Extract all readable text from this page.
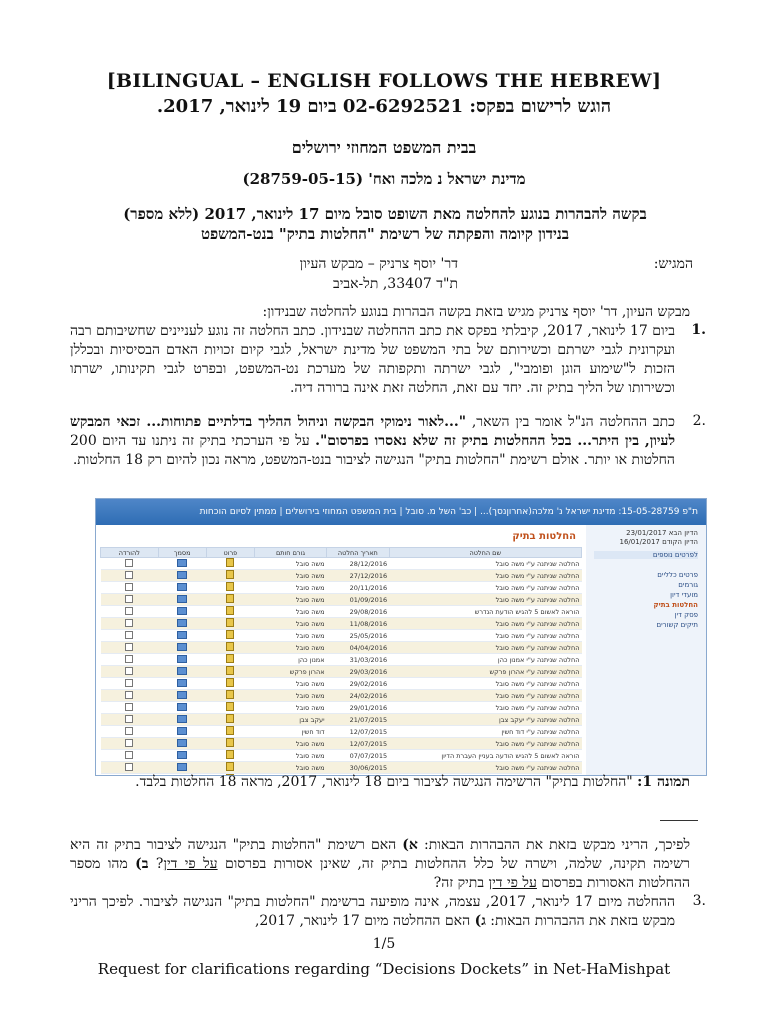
[BILINGUAL – ENGLISH FOLLOWS THE HEBREW]
הוגש לרישום בפקס: 02-6292521 ביום 19 לינואר, 2017.
בבית המשפט המחוזי ירושלים
מדינת ישראל נ מלכה ואח' (28759-05-15)
בקשה להבהרות בנוגע להחלטה מאת השופט סובל מיום 17 לינואר, 2017 (ללא מספר)
בנידון קיומה והפקתה של רשימת "החלטות בתיק" בנט-המשפט
המגיש:
דר' יוסף צרניק – מבקש העיון
ת"ד 33407, תל-אביב
מבקש העיון, דר' יוסף צרניק מגיש בזאת בקשה הבהרות בנוגע להחלטה שבנידון:
ביום 17 לינואר, 2017, קיבלתי בפקס את כתב ההחלטה שבנידון. כתב החלטה זה נוגע לעניינים שחשיבותם רבה ועקרונית לגבי ישרתם וכשירותם של בתי המשפט של מדינת ישראל, לגבי קיום זכויות האדם הבסיסיות ובכללן הזכות ל"שימוע הוגן ופומבי", לגבי ישרתה ותקפותה של מערכת נט-המשפט, ובפרט לגבי תקינותו, ישרתו וכשירותו של הליך בתיק זה. יחד עם זאת, החלטה זאת אינה ברורה דיה.
1.
כתב ההחלטה הנ"ל אומר בין השאר, "...לאור נימוקי הבקשה וניהול ההליך בדלתיים פתוחות... זכאי המבקש לעיון, בין היתר... בכל ההחלטות בתיק זה שלא נאסרו בפרסום". על פי הערכתי בתיק זה ניתנו עד היום 200 החלטות או יותר. אולם רשימת "החלטות בתיק" הנגישה לציבור בנט-המשפט, מראה נכון להיום רק 18 החלטות.
2.
ת"פ 15-05-28759: מדינת ישראל נ' מלכה(אחרוןנסך)... | כב' השל מ. סובל | בית המשפט המחוזי בירושלים | ממתין לסיום הוכחות
הדיון הבא 23/01/2017
הדיון הקודם 16/01/2017
לפרטים נוספים
פרטים כלליים
גורמים
מועדי דיון
החלטות בתיק
פסק דין
תיקים קשורים
החלטות בתיק
שם החלטה	תאריך החלטה	גורם חותם	פרוט	מסמך	להורדה
החלטה שניתנה ע"י משה סובל	28/12/2016	משה סובל			
החלטה שניתנה ע"י משה סובל	27/12/2016	משה סובל			
החלטה שניתנה ע"י משה סובל	20/11/2016	משה סובל			
החלטה שניתנה ע"י משה סובל	01/09/2016	משה סובל			
הוראה לאשום 5 להגיש הודעת הנדרש	29/08/2016	משה סובל			
החלטה שניתנה ע"י משה סובל	11/08/2016	משה סובל			
החלטה שניתנה ע"י משה סובל	25/05/2016	משה סובל			
החלטה שניתנה ע"י משה סובל	04/04/2016	משה סובל			
החלטה שניתנה ע"י אמנון כהן	31/03/2016	אמנון כהן			
החלטה שניתנה ע"י אהרון פרקש	29/03/2016	אהרון פרקש			
החלטה שניתנה ע"י משה סובל	29/02/2016	משה סובל			
החלטה שניתנה ע"י משה סובל	24/02/2016	משה סובל			
החלטה שניתנה ע"י משה סובל	29/01/2016	משה סובל			
החלטה שניתנה ע"י יעקב צבן	21/07/2015	יעקב צבן			
החלטה שניתנה ע"י דוד חשין	12/07/2015	דוד חשין			
החלטה שניתנה ע"י משה סובל	12/07/2015	משה סובל			
הוראה לאשום 5 להגיש הודעה בעניין העברת הדיון	07/07/2015	משה סובל			
החלטה שניתנה ע"י משה סובל	30/06/2015	משה סובל			

תמונה 1: "החלטות בתיק" הרשימה הנגישה לציבור ביום 18 לינואר, 2017, מראה 18 החלטות בלבד.
לפיכך, הריני מבקש בזאת את ההבהרות הבאות: א) האם רשימת "החלטות בתיק" הנגישה לציבור בתיק זה היא רשימה תקינה, שלמה, וישרה של כלל ההחלטות בתיק זה, שאינן אסורות בפרסום על פי דין? ב) מהו מספר ההחלטות האסורות בפרסום על פי דין בתיק זה?
ההחלטה מיום 17 לינואר, 2017, עצמה, אינה מופיעה ברשימת "החלטות בתיק" הנגישה לציבור. לפיכך הריני מבקש בזאת את ההבהרות הבאות: ג) האם ההחלטה מיום 17 לינואר, 2017,
3.
1/5
Request for clarifications regarding “Decisions Dockets” in Net-HaMishpat
